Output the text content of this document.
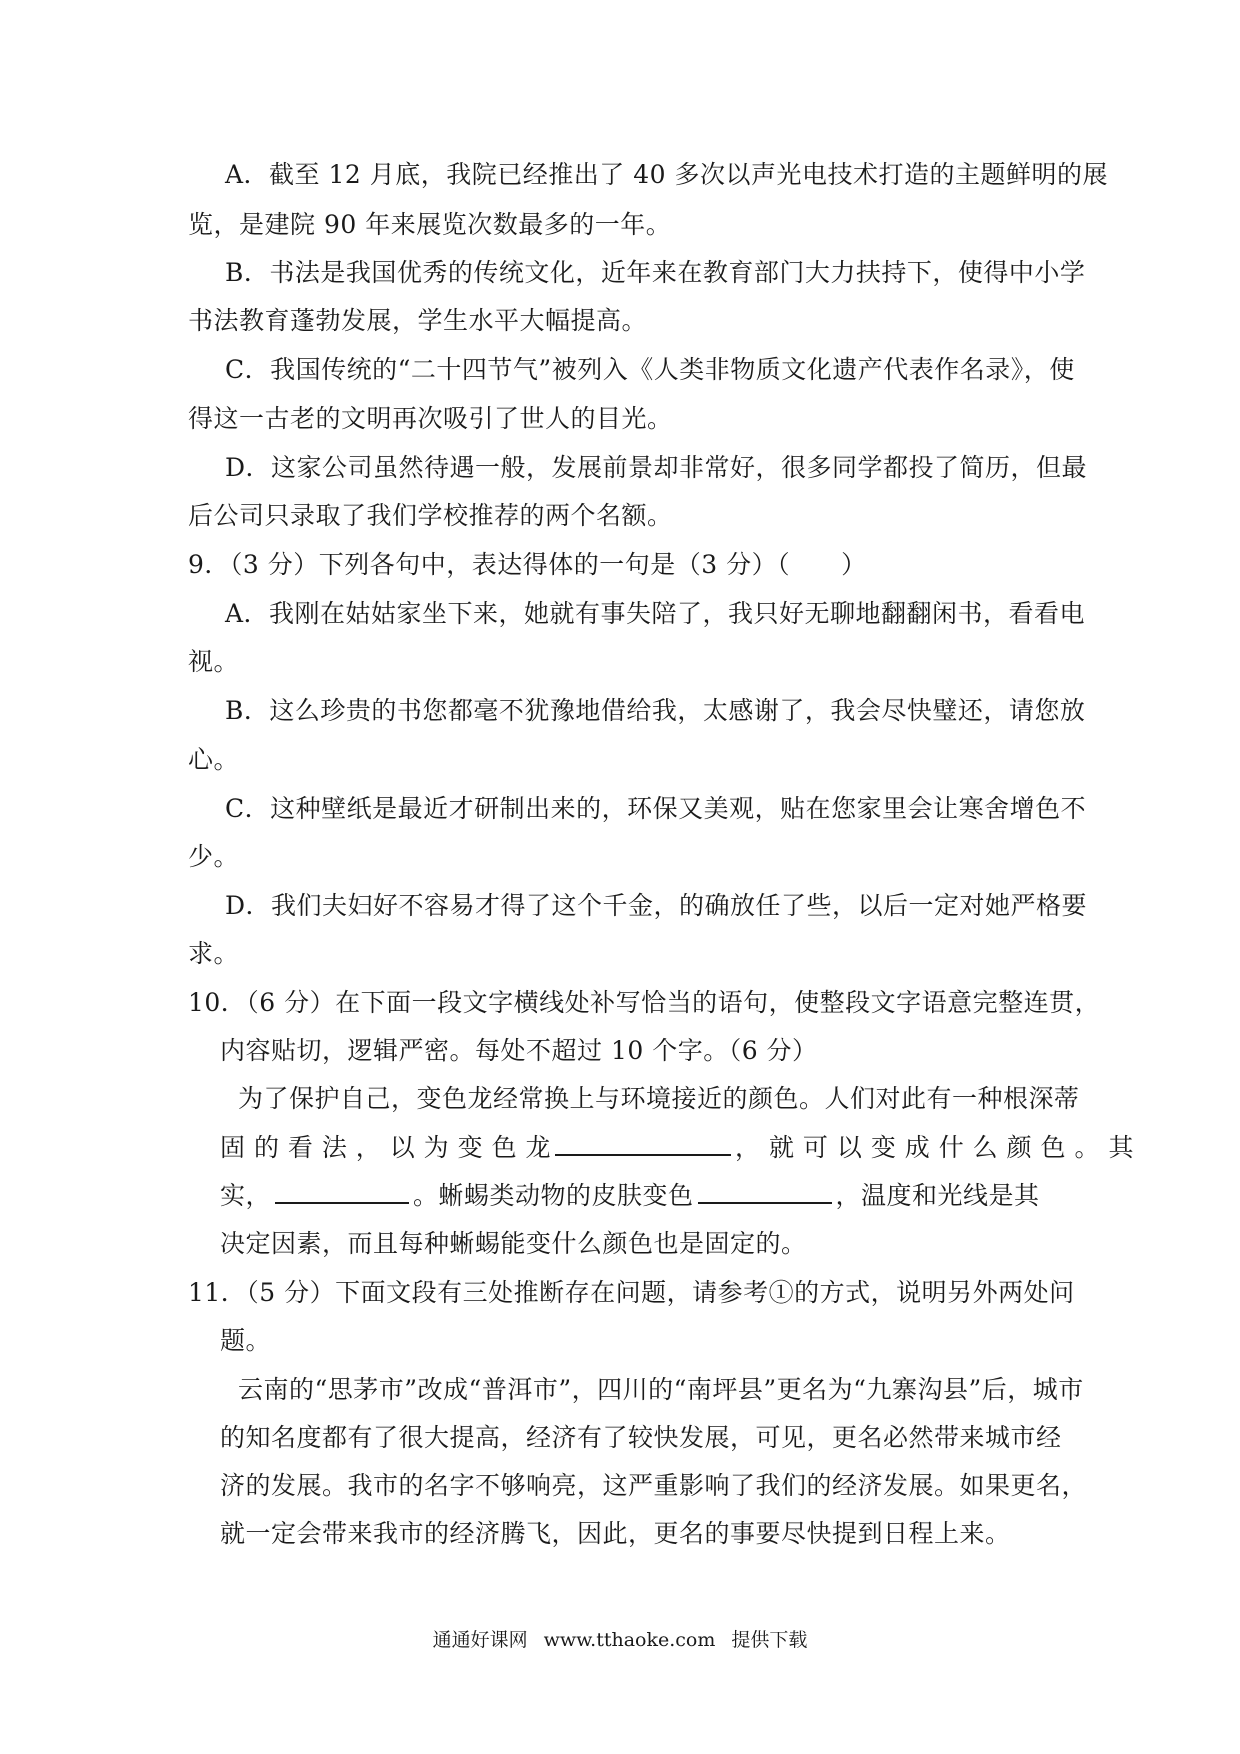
A．截至 12 月底，我院已经推出了 40 多次以声光电技术打造的主题鲜明的展
览，是建院 90 年来展览次数最多的一年。
B．书法是我国优秀的传统文化，近年来在教育部门大力扶持下，使得中小学
书法教育蓬勃发展，学生水平大幅提高。
C．我国传统的“二十四节气”被列入《人类非物质文化遗产代表作名录》，使
得这一古老的文明再次吸引了世人的目光。
D．这家公司虽然待遇一般，发展前景却非常好，很多同学都投了简历，但最
后公司只录取了我们学校推荐的两个名额。
9．（3 分）下列各句中，表达得体的一句是（3 分）（　　）
A．我刚在姑姑家坐下来，她就有事失陪了，我只好无聊地翻翻闲书，看看电
视。
B．这么珍贵的书您都毫不犹豫地借给我，太感谢了，我会尽快璧还，请您放
心。
C．这种壁纸是最近才研制出来的，环保又美观，贴在您家里会让寒舍增色不
少。
D．我们夫妇好不容易才得了这个千金，的确放任了些，以后一定对她严格要
求。
10．（6 分）在下面一段文字横线处补写恰当的语句，使整段文字语意完整连贯，
内容贴切，逻辑严密。每处不超过 10 个字。（6 分）
为了保护自己，变色龙经常换上与环境接近的颜色。人们对此有一种根深蒂
固 的 看 法 ， 以 为 变 色 龙	， 就 可 以 变 成 什 么 颜 色 。 其
实，	。蜥蜴类动物的皮肤变色	，温度和光线是其
决定因素，而且每种蜥蜴能变什么颜色也是固定的。
11．（5 分）下面文段有三处推断存在问题，请参考①的方式，说明另外两处问
题。
云南的“思茅市”改成“普洱市”，四川的“南坪县”更名为“九寨沟县”后，城市
的知名度都有了很大提高，经济有了较快发展，可见，更名必然带来城市经
济的发展。我市的名字不够响亮，这严重影响了我们的经济发展。如果更名，
就一定会带来我市的经济腾飞，因此，更名的事要尽快提到日程上来。
通通好课网 www.tthaoke.com 提供下载
